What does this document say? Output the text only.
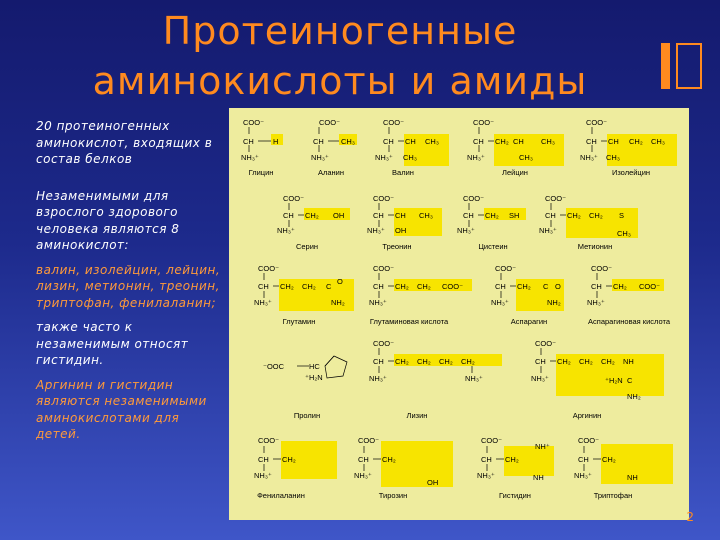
Протеиногенные
аминокислоты и амиды

20 протеиногенных аминокислот, входящих в состав белков

Незаменимыми для взрослого здорового человека являются 8 аминокислот:

валин, изолейцин, лейцин, лизин, метионин, треонин, триптофан, фенилаланин;

также часто к незаменимым относят гистидин.

Аргинин и гистидин являются незаменимыми аминокислотами для детей.

COO⁻
CH	H
NH₃⁺
COO⁻
CH CH₃
NH₃⁺
COO⁻
CH CH CH₃
NH₃⁺ CH₃
COO⁻
CH CH₂ CH CH₃
NH₃⁺	CH₃
COO⁻
CH CH CH₂ CH₃
NH₃⁺ CH₃
COO⁻
CH CH₂ OH
NH₃⁺
COO⁻
CH CH CH₃
NH₃⁺ OH
COO⁻
CH CH₂ SH
NH₃⁺
COO⁻
CH CH₂ CH₂ S
NH₃⁺	CH₃
COO⁻
CH CH₂ CH₂ C
O
NH₃⁺	NH₂
COO⁻
CH CH₂ CH₂ COO⁻
NH₃⁺
COO⁻
CH CH₂ C O
NH₃⁺	NH₂
COO⁻
CH CH₂ COO⁻
NH₃⁺
⁻OOC	HC
⁺H₂N
COO⁻
CH CH₂ CH₂ CH₂ CH₂
NH₃⁺	NH₃⁺
COO⁻
CH CH₂ CH₂ CH₂ NH
NH₃⁺	⁺H₂N C
NH₂
COO⁻
CH CH₂
NH₃⁺
COO⁻
CH CH₂
NH₃⁺
OH
COO⁻
CH CH₂
NH⁺
NH
NH₃⁺
COO⁻
CH CH₂
NH₃⁺	NH
Глицин	Аланин	Валин	Лейцин	Изолейцин
Серин	Треонин	Цистеин	Метионин
Глутамин	Глутаминовая кислота	Аспарагин	Аспарагиновая кислота
Пролин	Лизин	Аргинин
Фенилаланин	Тирозин	Гистидин	Триптофан
2
